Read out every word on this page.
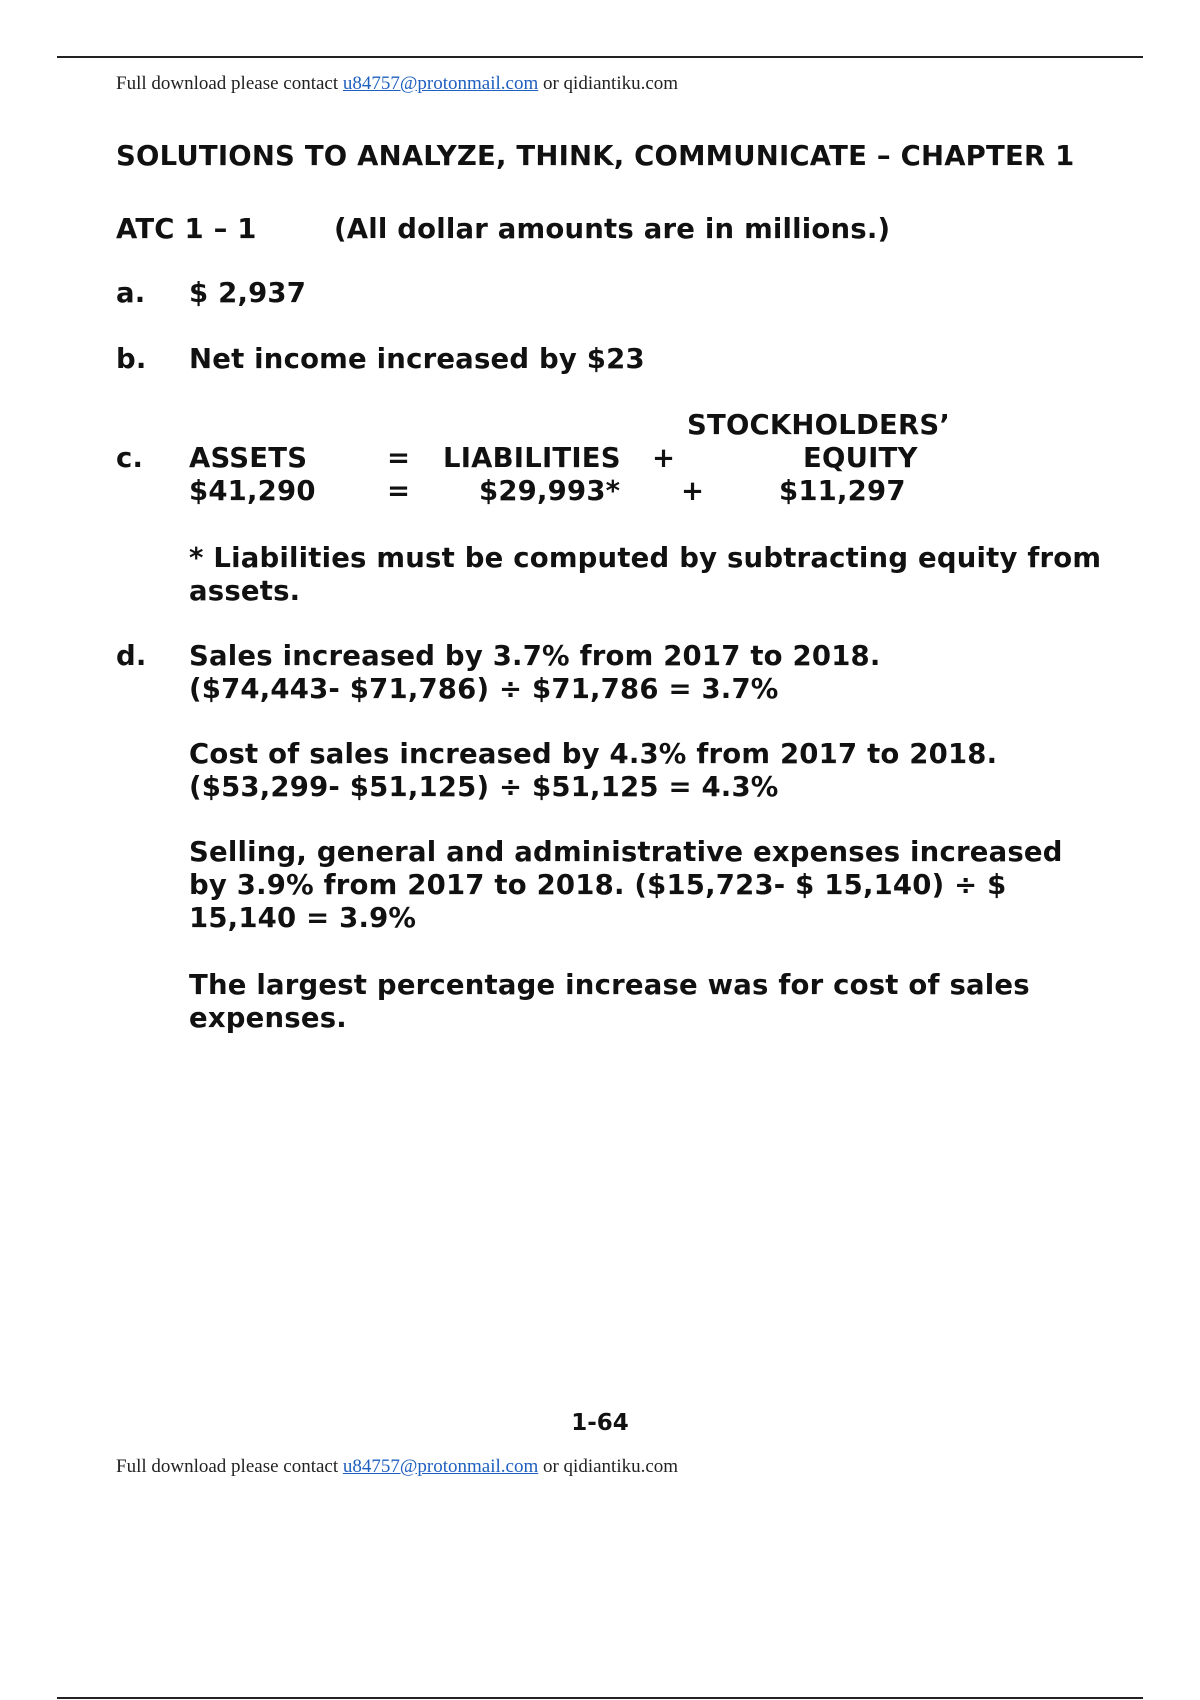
Full download please contact u84757@protonmail.com or qidiantiku.com
SOLUTIONS TO ANALYZE, THINK, COMMUNICATE – CHAPTER 1
ATC 1 – 1	(All dollar amounts are in millions.)
a. $ 2,937
b. Net income increased by $23
STOCKHOLDERS’
c. ASSETS	= LIABILITIES +	EQUITY
$41,290	=	$29,993* +	$11,297
* Liabilities must be computed by subtracting equity from assets.
d. Sales increased by 3.7% from 2017 to 2018.
($74,443- $71,786) ÷ $71,786 = 3.7%
Cost of sales increased by 4.3% from 2017 to 2018.
($53,299- $51,125) ÷ $51,125 = 4.3%
Selling, general and administrative expenses increased by 3.9% from 2017 to 2018. ($15,723- $ 15,140) ÷ $ 15,140 = 3.9%
The largest percentage increase was for cost of sales expenses.
1-64
Full download please contact u84757@protonmail.com or qidiantiku.com
